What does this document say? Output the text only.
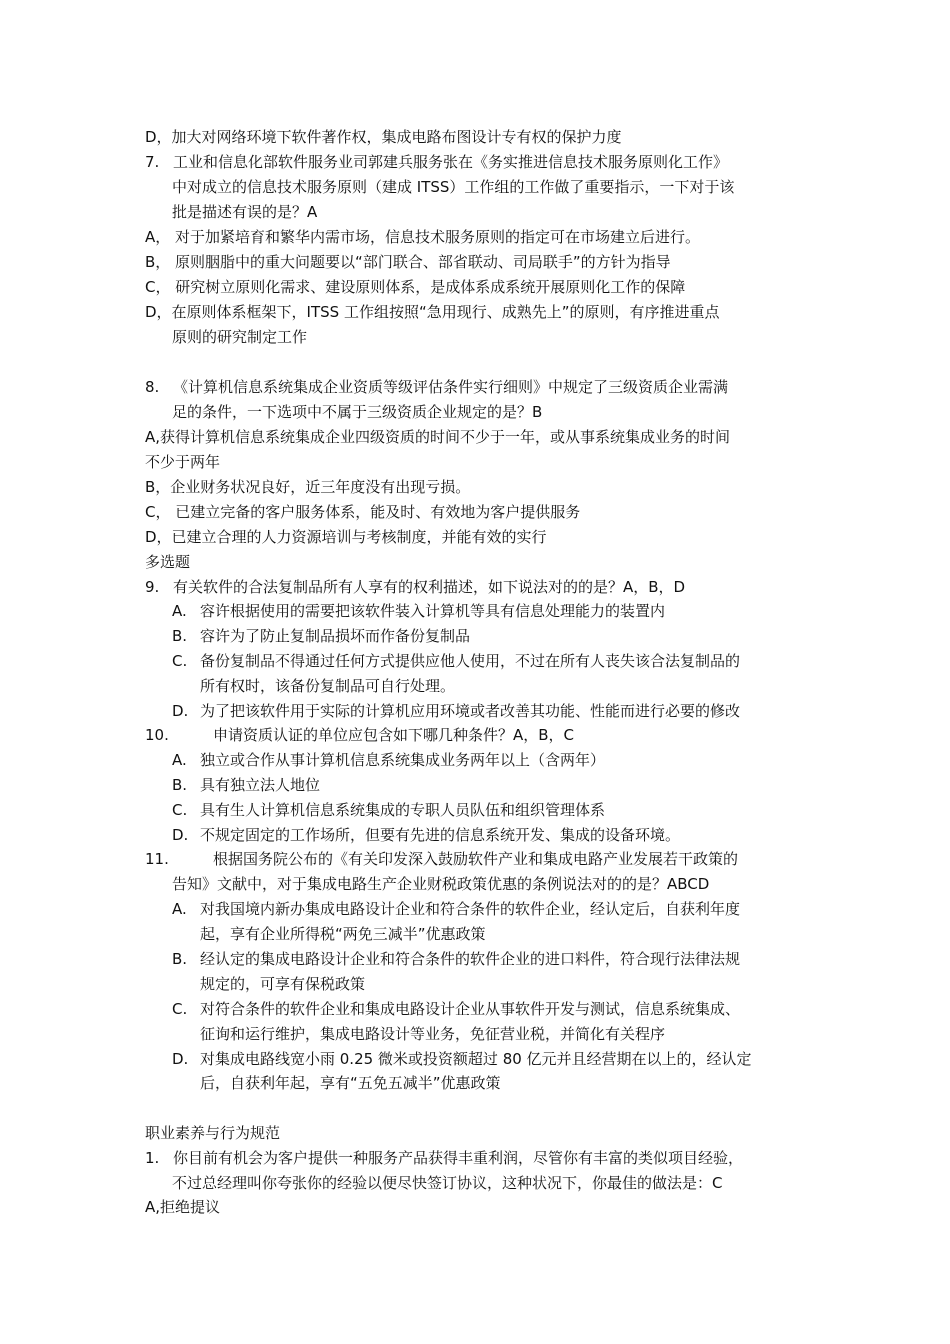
D，加大对网络环境下软件著作权，集成电路布图设计专有权的保护力度
7. 工业和信息化部软件服务业司郭建兵服务张在《务实推进信息技术服务原则化工作》
中对成立的信息技术服务原则（建成 ITSS）工作组的工作做了重要指示，一下对于该
批是描述有误的是？A
A， 对于加紧培育和繁华内需市场，信息技术服务原则的指定可在市场建立后进行。
B， 原则胭脂中的重大问题要以“部门联合、部省联动、司局联手”的方针为指导
C， 研究树立原则化需求、建设原则体系，是成体系成系统开展原则化工作的保障
D，在原则体系框架下，ITSS 工作组按照“急用现行、成熟先上”的原则，有序推进重点
原则的研究制定工作
8. 《计算机信息系统集成企业资质等级评估条件实行细则》中规定了三级资质企业需满
足的条件，一下选项中不属于三级资质企业规定的是？B
A,获得计算机信息系统集成企业四级资质的时间不少于一年，或从事系统集成业务的时间
不少于两年
B，企业财务状况良好，近三年度没有出现亏损。
C， 已建立完备的客户服务体系，能及时、有效地为客户提供服务
D，已建立合理的人力资源培训与考核制度，并能有效的实行
多选题
9. 有关软件的合法复制品所有人享有的权利描述，如下说法对的的是？A，B，D
A. 容许根据使用的需要把该软件装入计算机等具有信息处理能力的装置内
B. 容许为了防止复制品损坏而作备份复制品
C. 备份复制品不得通过任何方式提供应他人使用，不过在所有人丧失该合法复制品的
所有权时，该备份复制品可自行处理。
D. 为了把该软件用于实际的计算机应用环境或者改善其功能、性能而进行必要的修改
10.	申请资质认证的单位应包含如下哪几种条件？A，B，C
A. 独立或合作从事计算机信息系统集成业务两年以上（含两年）
B. 具有独立法人地位
C. 具有生人计算机信息系统集成的专职人员队伍和组织管理体系
D. 不规定固定的工作场所，但要有先进的信息系统开发、集成的设备环境。
11.	根据国务院公布的《有关印发深入鼓励软件产业和集成电路产业发展若干政策的
告知》文献中，对于集成电路生产企业财税政策优惠的条例说法对的的是？ABCD
A. 对我国境内新办集成电路设计企业和符合条件的软件企业，经认定后，自获利年度
起，享有企业所得税“两免三减半”优惠政策
B. 经认定的集成电路设计企业和符合条件的软件企业的进口料件，符合现行法律法规
规定的，可享有保税政策
C. 对符合条件的软件企业和集成电路设计企业从事软件开发与测试，信息系统集成、
征询和运行维护，集成电路设计等业务，免征营业税，并简化有关程序
D. 对集成电路线宽小雨 0.25 微米或投资额超过 80 亿元并且经营期在以上的，经认定
后，自获利年起，享有“五免五减半”优惠政策
职业素养与行为规范
1. 你目前有机会为客户提供一种服务产品获得丰重利润，尽管你有丰富的类似项目经验，
不过总经理叫你夸张你的经验以便尽快签订协议，这种状况下，你最佳的做法是：C
A,拒绝提议
